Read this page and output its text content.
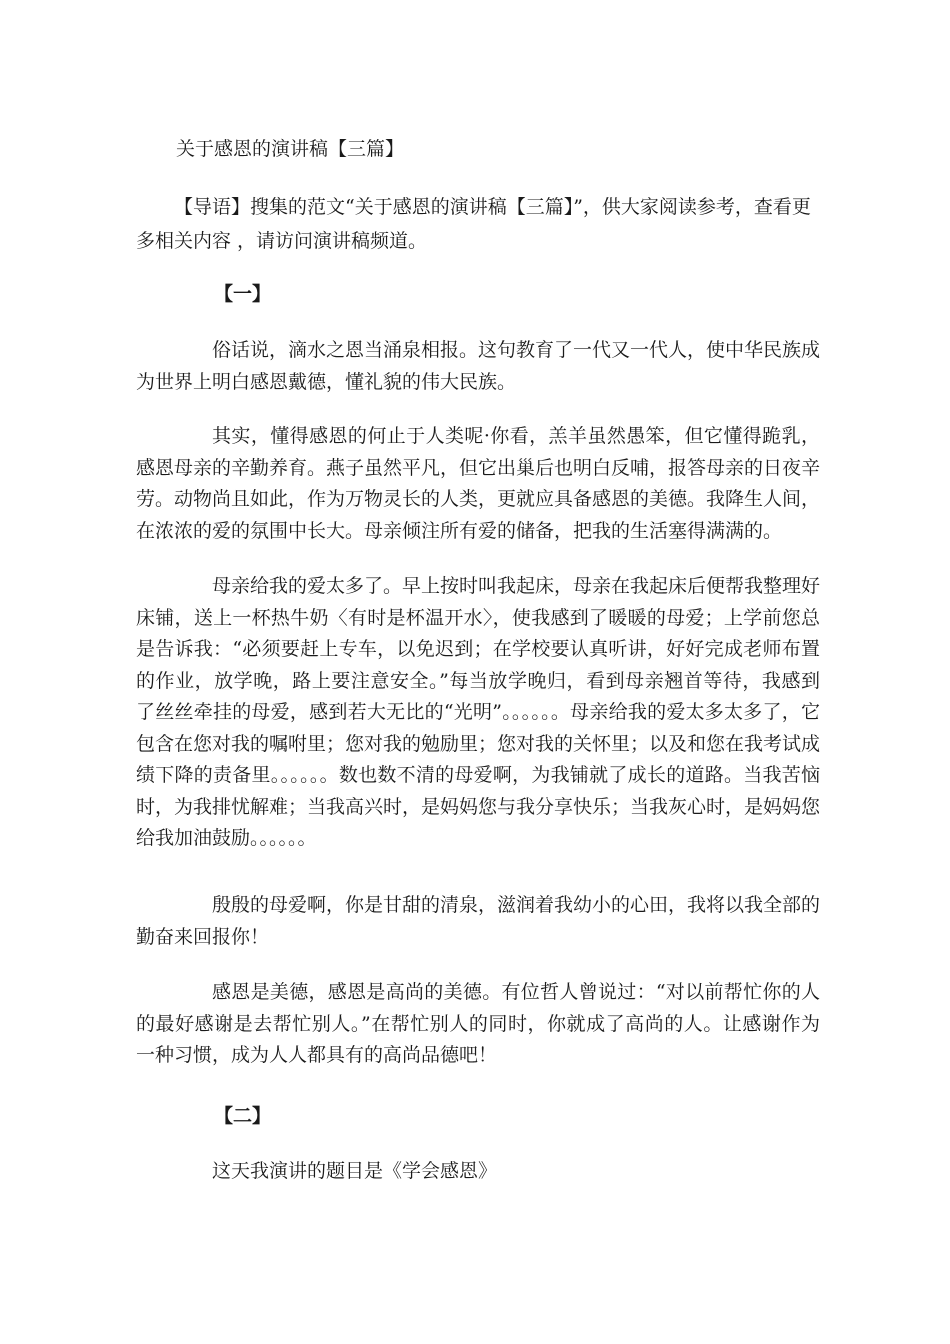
关于感恩的演讲稿【三篇】

【导语】搜集的范文“关于感恩的演讲稿【三篇】”，供大家阅读参考，查看更多相关内容 ，请访问演讲稿频道。

【一】

俗话说，滴水之恩当涌泉相报。这句教育了一代又一代人，使中华民族成为世界上明白感恩戴德，懂礼貌的伟大民族。

其实，懂得感恩的何止于人类呢·你看，羔羊虽然愚笨，但它懂得跪乳，感恩母亲的辛勤养育。燕子虽然平凡，但它出巢后也明白反哺，报答母亲的日夜辛劳。动物尚且如此，作为万物灵长的人类，更就应具备感恩的美德。我降生人间，在浓浓的爱的氛围中长大。母亲倾注所有爱的储备，把我的生活塞得满满的。

母亲给我的爱太多了。早上按时叫我起床，母亲在我起床后便帮我整理好床铺，送上一杯热牛奶〈有时是杯温开水〉，使我感到了暖暖的母爱；上学前您总是告诉我：“必须要赶上专车，以免迟到；在学校要认真听讲，好好完成老师布置的作业，放学晚，路上要注意安全。”每当放学晚归，看到母亲翘首等待，我感到了丝丝牵挂的母爱，感到若大无比的“光明”。。。。。。母亲给我的爱太多太多了，它包含在您对我的嘱咐里；您对我的勉励里；您对我的关怀里；以及和您在我考试成绩下降的责备里。。。。。。数也数不清的母爱啊，为我铺就了成长的道路。当我苦恼时，为我排忧解难；当我高兴时，是妈妈您与我分享快乐；当我灰心时，是妈妈您给我加油鼓励。。。。。。

殷殷的母爱啊，你是甘甜的清泉，滋润着我幼小的心田，我将以我全部的勤奋来回报你！

感恩是美德，感恩是高尚的美德。有位哲人曾说过：“对以前帮忙你的人的最好感谢是去帮忙别人。”在帮忙别人的同时，你就成了高尚的人。让感谢作为一种习惯，成为人人都具有的高尚品德吧！

【二】

这天我演讲的题目是《学会感恩》
